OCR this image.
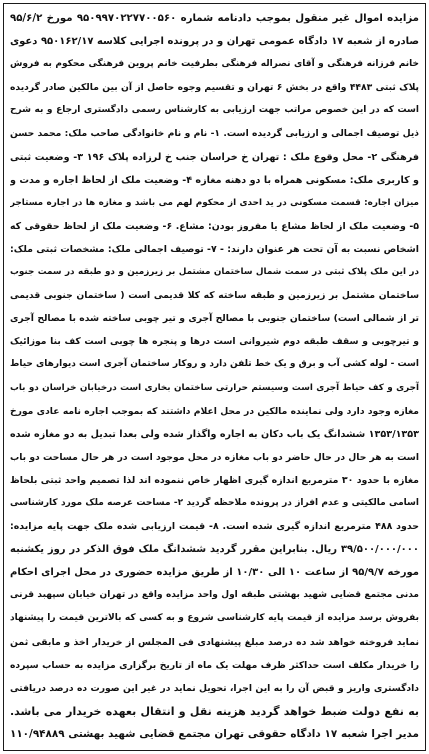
مزایده اموال غیر منقول بموجب دادنامه شماره ۹۵۰۹۹۷۰۲۲۷۷۰۰۵۶۰ مورخ ۹۵/۶/۲
صادره از شعبه ۱۷ دادگاه عمومی تهران و در پرونده اجرایی کلاسه ۹۵۰۱۶۲/۱۷ دعوی
خانم فرزانه فرهنگی و آقای نصراله فرهنگی بطرفیت خانم پروین فرهنگی محکوم به فروش
پلاک ثبتی ۴۴۸۳ واقع در بخش ۶ تهران و تقسیم وجوه حاصل از آن بین مالکین صادر گردیده
است که در این خصوص مراتب جهت ارزیابی به کارشناس رسمی دادگستری ارجاع و به شرح
ذیل توصیف اجمالی و ارزیابی گردیده است. ۱- نام و نام خانوادگی صاحب ملک: محمد حسن
فرهنگی ۲- محل وقوع ملک : تهران خ خراسان جنب خ لرزاده پلاک ۱۹۶ ۳- وضعیت ثبتی
و کاربری ملک: مسکونی همراه با دو دهنه مغازه ۴- وضعیت ملک از لحاظ اجاره و مدت و
میزان اجاره: قسمت مسکونی در ید احدی از محکوم لهم می باشد و مغازه ها در اجاره مستاجر
۵- وضعیت ملک از لحاظ مشاع یا مفروز بودن: مشاع. ۶- وضعیت ملک از لحاظ حقوقی که
اشخاص نسبت به آن تحت هر عنوان دارند: - ۷- توصیف اجمالی ملک: مشخصات ثبتی ملک:
در این ملک پلاک ثبتی در سمت شمال ساختمان مشتمل بر زیرزمین و دو طبقه در سمت جنوب
ساختمان مشتمل بر زیرزمین و طبقه ساخته که کلا قدیمی است ( ساختمان جنوبی قدیمی
تر از شمالی است) ساختمان جنوبی با مصالح آجری و تیر چوبی ساخته شده با مصالح آجری
و تیرچوبی و سقف طبقه دوم شیروانی است درها و پنجره ها چوبی است کف بنا موزائیک
است - لوله کشی آب و برق و یک خط تلفن دارد و روکار ساختمان آجری است دیوارهای حیاط
آجری و کف حیاط آجری است وسیستم حرارتی ساختمان بخاری است درخیابان خراسان دو باب
مغازه وجود دارد ولی نماینده مالکین در محل اعلام داشتند که بموجب اجاره نامه عادی مورخ
۱۳۵۳/۱۳۵۳ ششدانگ یک باب دکان به اجاره واگذار شده ولی بعدا تبدیل به دو مغازه شده
است به هر حال در حال حاضر دو باب مغازه در محل موجود است در هر حال مساحت دو باب
مغازه با حدود ۳۰ مترمربع اندازه گیری اظهار خاص ننموده اند لذا تصمیم واحد ثبتی بلحاظ
اسامی مالکیتی و عدم افراز در پرونده ملاحظه گردید ۲- مساحت عرصه ملک مورد کارشناسی
حدود ۴۸۸ مترمربع اندازه گیری شده است. ۸- قیمت ارزیابی شده ملک جهت پایه مزایده:
۳۹/۵۰۰/۰۰۰/۰۰۰ ریال. بنابراین مقرر گردید ششدانگ ملک فوق الذکر در روز یکشنبه
مورخه ۹۵/۹/۷ از ساعت ۱۰ الی ۱۰/۳۰ از طریق مزایده حضوری در محل اجرای احکام
مدنی مجتمع قضایی شهید بهشتی طبقه اول واحد مزایده واقع در تهران خیابان سپهبد قرنی
بفروش برسد مزایده از قیمت پایه کارشناسی شروع و به کسی که بالاترین قیمت را پیشنهاد
نماید فروخته خواهد شد ده درصد مبلغ پیشنهادی فی المجلس از خریدار اخذ و مابقی ثمن
را خریدار مکلف است حداکثر ظرف مهلت یک ماه از تاریخ برگزاری مزایده به حساب سپرده
دادگستری واریز و قبض آن را به این اجرا، تحویل نماید در غیر این صورت ده درصد دریافتی
به نفع دولت ضبط خواهد گردید هزینه نقل و انتقال بعهده خریدار می باشد.
مدیر اجرا شعبه ۱۷ دادگاه حقوقی تهران مجتمع قضایی شهید بهشتی ۱۱۰/۹۴۸۸۹
